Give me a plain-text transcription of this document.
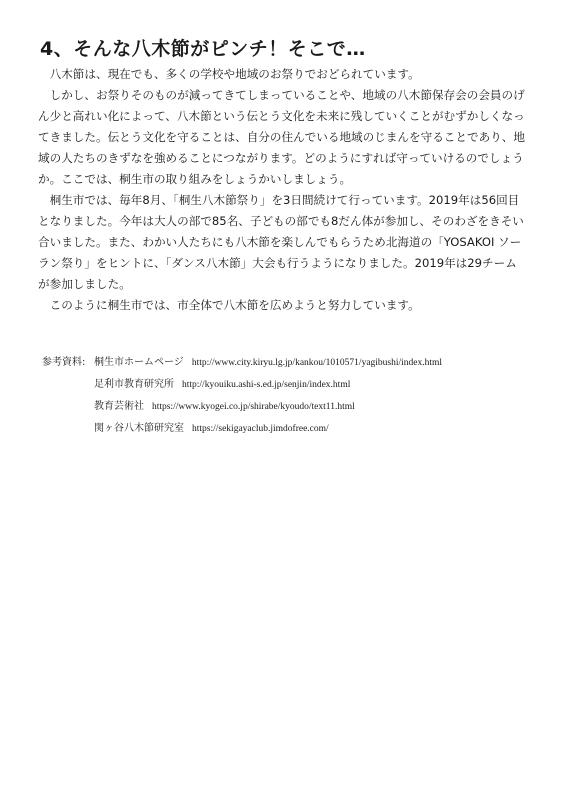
4、そんな八木節がピンチ！そこで…

　八木節は、現在でも、多くの学校や地域のお祭りでおどられています。

　しかし、お祭りそのものが減ってきてしまっていることや、地域の八木節保存会の会員のげん少と高れい化によって、八木節という伝とう文化を未来に残していくことがむずかしくなってきました。伝とう文化を守ることは、自分の住んでいる地域のじまんを守ることであり、地域の人たちのきずなを強めることにつながります。どのようにすれば守っていけるのでしょうか。ここでは、桐生市の取り組みをしょうかいしましょう。

　桐生市では、毎年8月、「桐生八木節祭り」を3日間続けて行っています。2019年は56回目となりました。今年は大人の部で85名、子どもの部でも8だん体が参加し、そのわざをきそい合いました。また、わかい人たちにも八木節を楽しんでもらうため北海道の「YOSAKOI ソーラン祭り」をヒントに、「ダンス八木節」大会も行うようになりました。2019年は29チームが参加しました。

　このように桐生市では、市全体で八木節を広めようと努力しています。

参考資料: 桐生市ホームページ http://www.city.kiryu.lg.jp/kankou/1010571/yagibushi/index.html
足利市教育研究所 http://kyouiku.ashi-s.ed.jp/senjin/index.html
教育芸術社 https://www.kyogei.co.jp/shirabe/kyoudo/text11.html
関ヶ谷八木節研究室 https://sekigayaclub.jimdofree.com/
